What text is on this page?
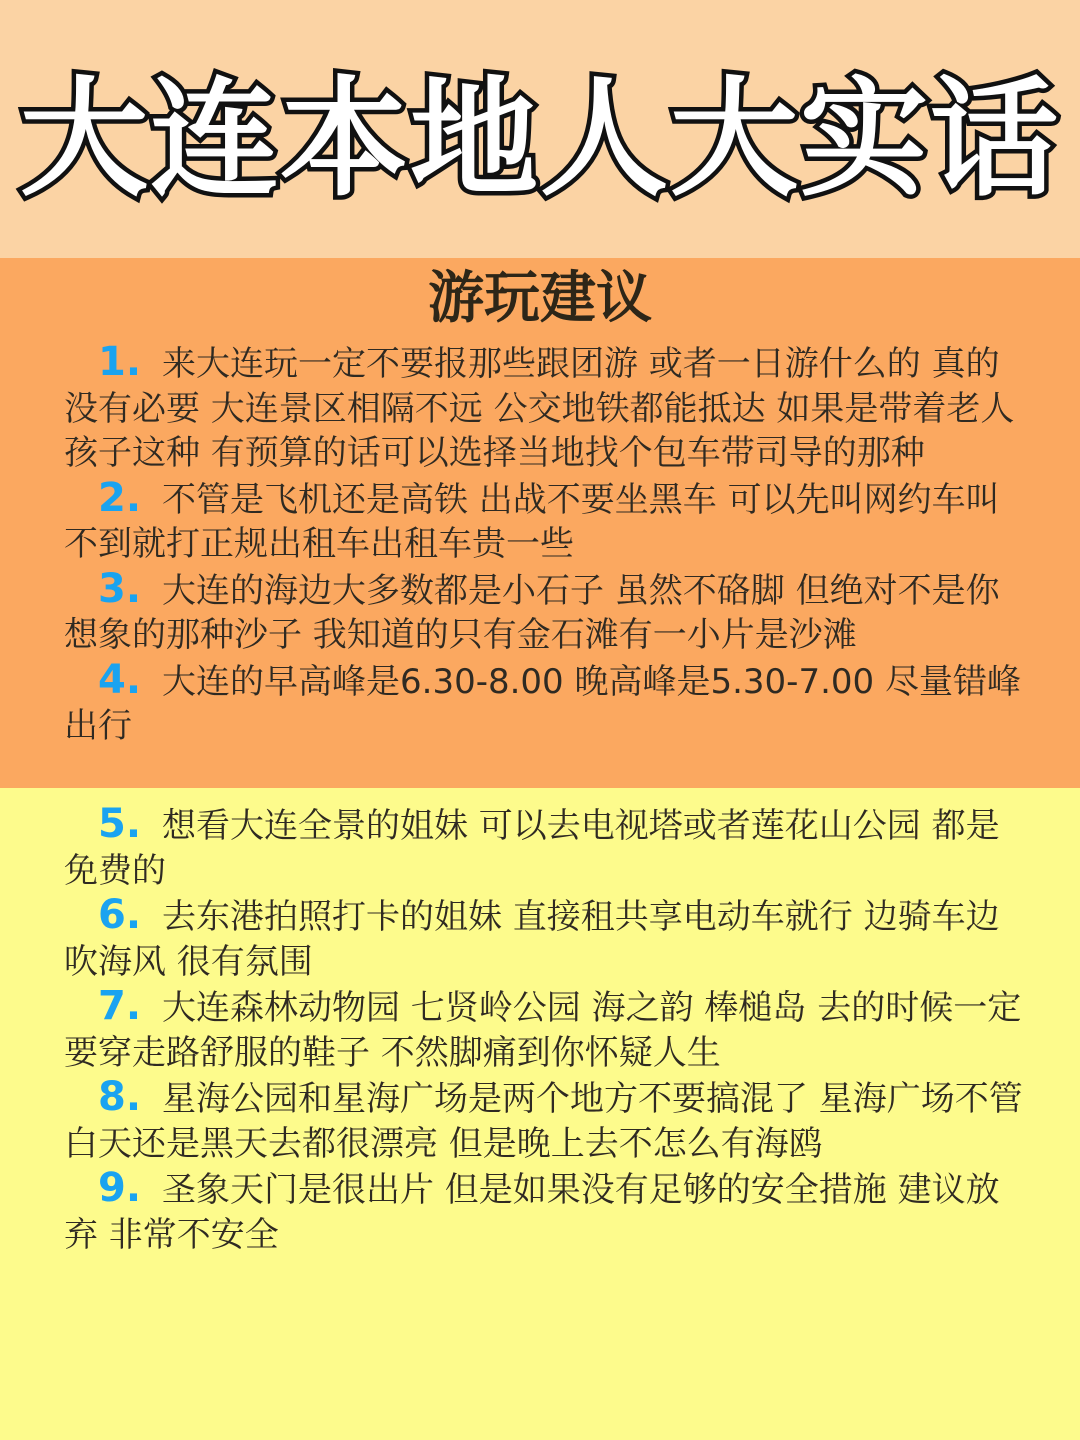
大连本地人大实话
游玩建议

1. 来大连玩一定不要报那些跟团游 或者一日游什么的 真的没有必要 大连景区相隔不远 公交地铁都能抵达 如果是带着老人孩子这种 有预算的话可以选择当地找个包车带司导的那种

2. 不管是飞机还是高铁 出战不要坐黑车 可以先叫网约车叫不到就打正规出租车出租车贵一些

3. 大连的海边大多数都是小石子 虽然不硌脚 但绝对不是你想象的那种沙子 我知道的只有金石滩有一小片是沙滩

4. 大连的早高峰是6.30-8.00 晚高峰是5.30-7.00 尽量错峰出行

5. 想看大连全景的姐妹 可以去电视塔或者莲花山公园 都是免费的

6. 去东港拍照打卡的姐妹 直接租共享电动车就行 边骑车边吹海风 很有氛围

7. 大连森林动物园 七贤岭公园 海之韵 棒槌岛 去的时候一定要穿走路舒服的鞋子 不然脚痛到你怀疑人生

8. 星海公园和星海广场是两个地方不要搞混了 星海广场不管白天还是黑天去都很漂亮 但是晚上去不怎么有海鸥

9. 圣象天门是很出片 但是如果没有足够的安全措施 建议放弃 非常不安全
